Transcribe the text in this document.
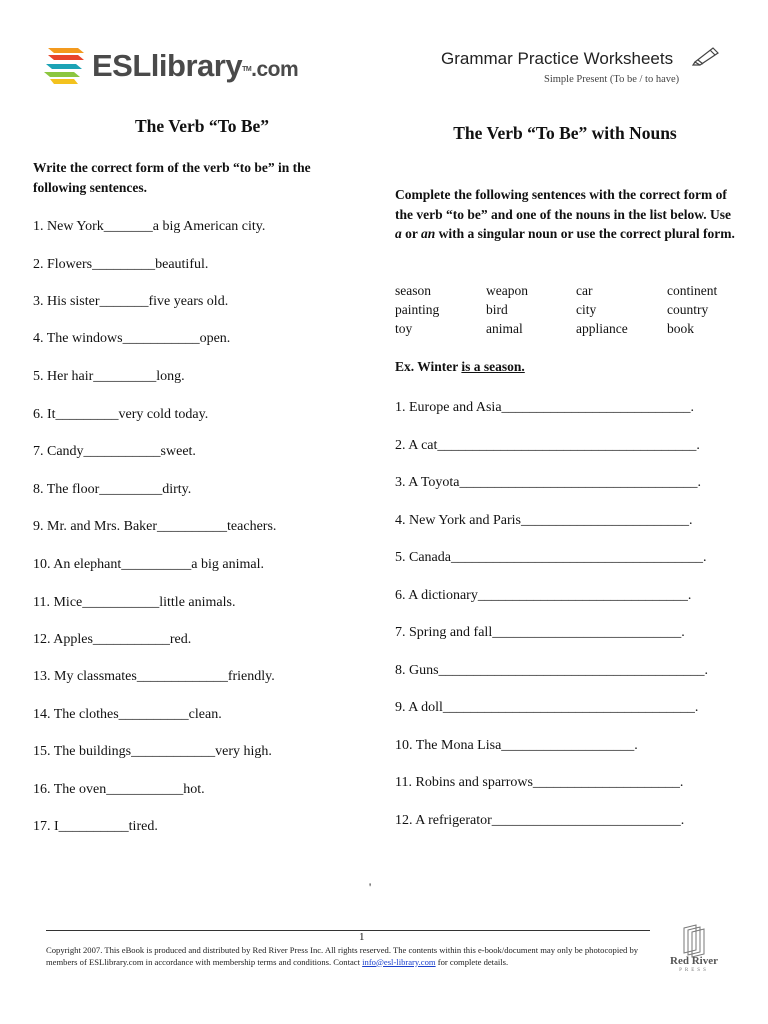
ESLlibrary™.com	Grammar Practice Worksheets
Simple Present (To be / to have)
The Verb “To Be”
Write the correct form of the verb “to be” in the following sentences.
1. New York_______a big American city.
2. Flowers_________beautiful.
3. His sister_______five years old.
4. The windows___________open.
5. Her hair_________long.
6. It_________very cold today.
7. Candy___________sweet.
8. The floor_________dirty.
9. Mr. and Mrs. Baker__________teachers.
10. An elephant__________a big animal.
11. Mice___________little animals.
12. Apples___________red.
13. My classmates_____________friendly.
14. The clothes__________clean.
15. The buildings____________very high.
16. The oven___________hot.
17. I__________tired.
The Verb “To Be” with Nouns
Complete the following sentences with the correct form of the verb “to be” and one of the nouns in the list below. Use a or an with a singular noun or use the correct plural form.
season	weapon	car	continent
painting	bird	city	country
toy	animal	appliance	book
Ex. Winter is a season.
1. Europe and Asia___________________________.
2. A cat_____________________________________.
3. A Toyota__________________________________.
4. New York and Paris________________________.
5. Canada____________________________________.
6. A dictionary______________________________.
7. Spring and fall___________________________.
8. Guns______________________________________.
9. A doll____________________________________.
10. The Mona Lisa___________________.
11. Robins and sparrows_____________________.
12. A refrigerator___________________________.
'
1
Copyright 2007. This eBook is produced and distributed by Red River Press Inc. All rights reserved. The contents within this e-book/document may only be photocopied by members of ESLlibrary.com in accordance with membership terms and conditions. Contact info@esl-library.com for complete details.	Red River
PRESS
